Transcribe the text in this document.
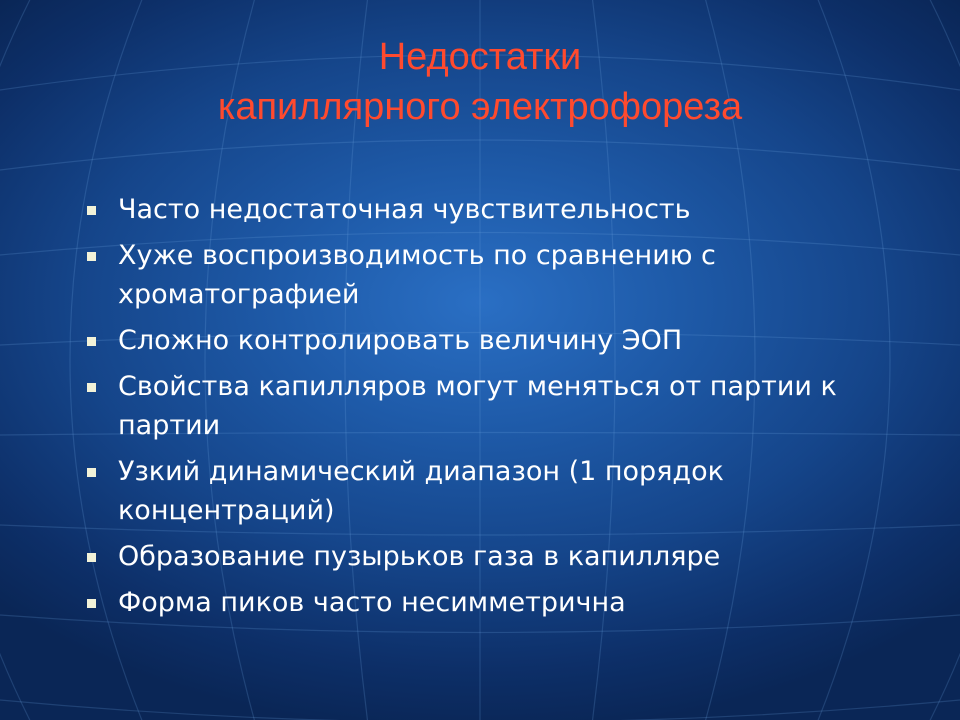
Недостатки
капиллярного электрофореза
Часто недостаточная чувствительность
Хуже воспроизводимость по сравнению с хроматографией
Сложно контролировать величину ЭОП
Свойства капилляров могут меняться от партии к партии
Узкий динамический диапазон (1 порядок концентраций)
Образование пузырьков газа в капилляре
Форма пиков часто несимметрична
